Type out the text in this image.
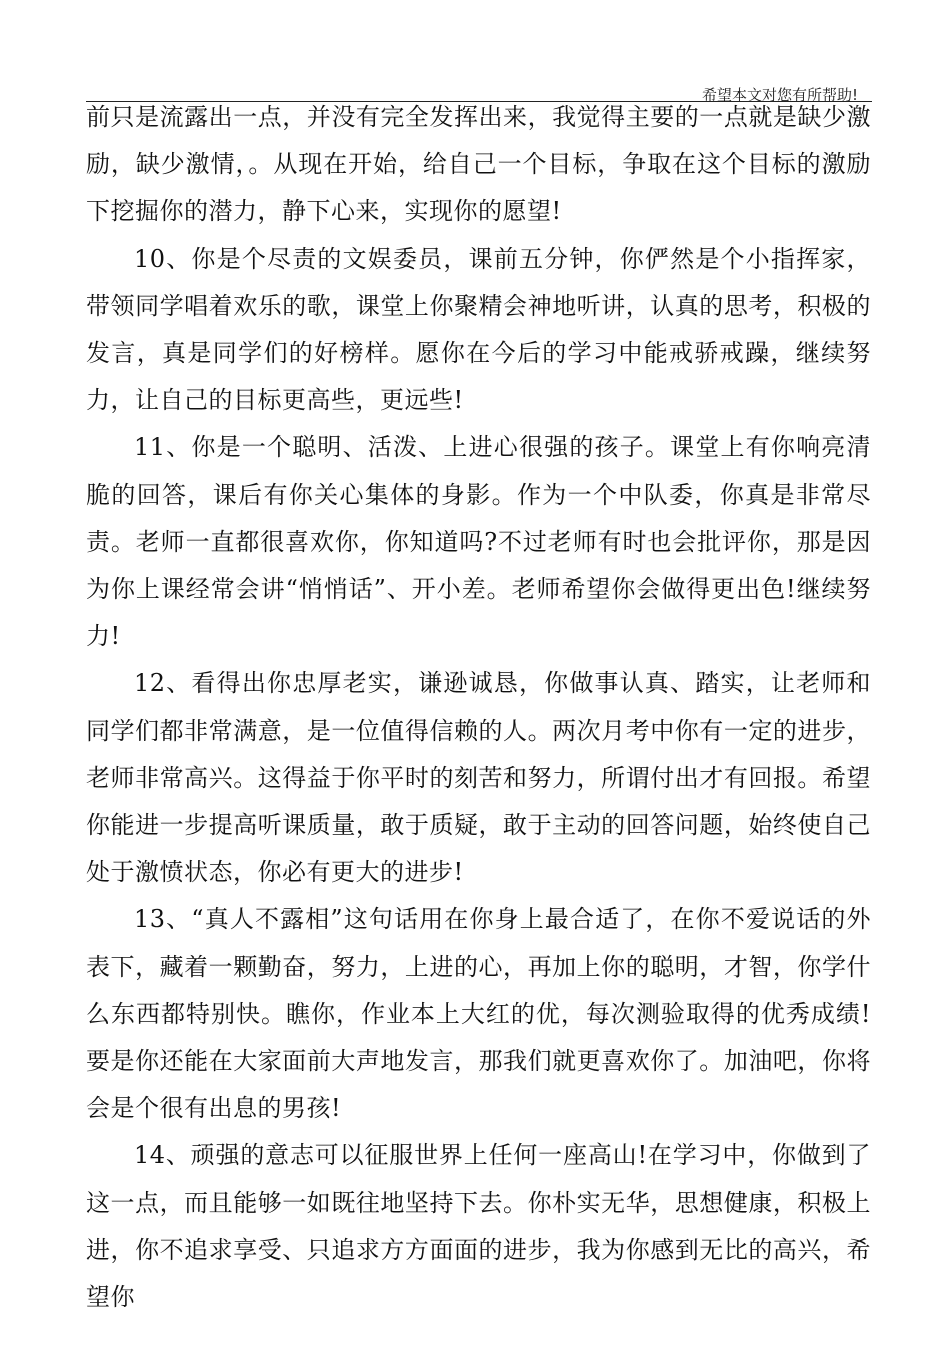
希望本文对您有所帮助!

前只是流露出一点，并没有完全发挥出来，我觉得主要的一点就是缺少激励，缺少激情，。从现在开始，给自己一个目标，争取在这个目标的激励下挖掘你的潜力，静下心来，实现你的愿望!

10、你是个尽责的文娱委员，课前五分钟，你俨然是个小指挥家，带领同学唱着欢乐的歌，课堂上你聚精会神地听讲，认真的思考，积极的发言，真是同学们的好榜样。愿你在今后的学习中能戒骄戒躁，继续努力，让自己的目标更高些，更远些!

11、你是一个聪明、活泼、上进心很强的孩子。课堂上有你响亮清脆的回答，课后有你关心集体的身影。作为一个中队委，你真是非常尽责。老师一直都很喜欢你，你知道吗?不过老师有时也会批评你，那是因为你上课经常会讲“悄悄话”、开小差。老师希望你会做得更出色!继续努力!

12、看得出你忠厚老实，谦逊诚恳，你做事认真、踏实，让老师和同学们都非常满意，是一位值得信赖的人。两次月考中你有一定的进步，老师非常高兴。这得益于你平时的刻苦和努力，所谓付出才有回报。希望你能进一步提高听课质量，敢于质疑，敢于主动的回答问题，始终使自己处于激愤状态，你必有更大的进步!

13、“真人不露相”这句话用在你身上最合适了，在你不爱说话的外表下，藏着一颗勤奋，努力，上进的心，再加上你的聪明，才智，你学什么东西都特别快。瞧你，作业本上大红的优，每次测验取得的优秀成绩!要是你还能在大家面前大声地发言，那我们就更喜欢你了。加油吧，你将会是个很有出息的男孩!

14、顽强的意志可以征服世界上任何一座高山!在学习中，你做到了这一点，而且能够一如既往地坚持下去。你朴实无华，思想健康，积极上进，你不追求享受、只追求方方面面的进步，我为你感到无比的高兴，希望你
